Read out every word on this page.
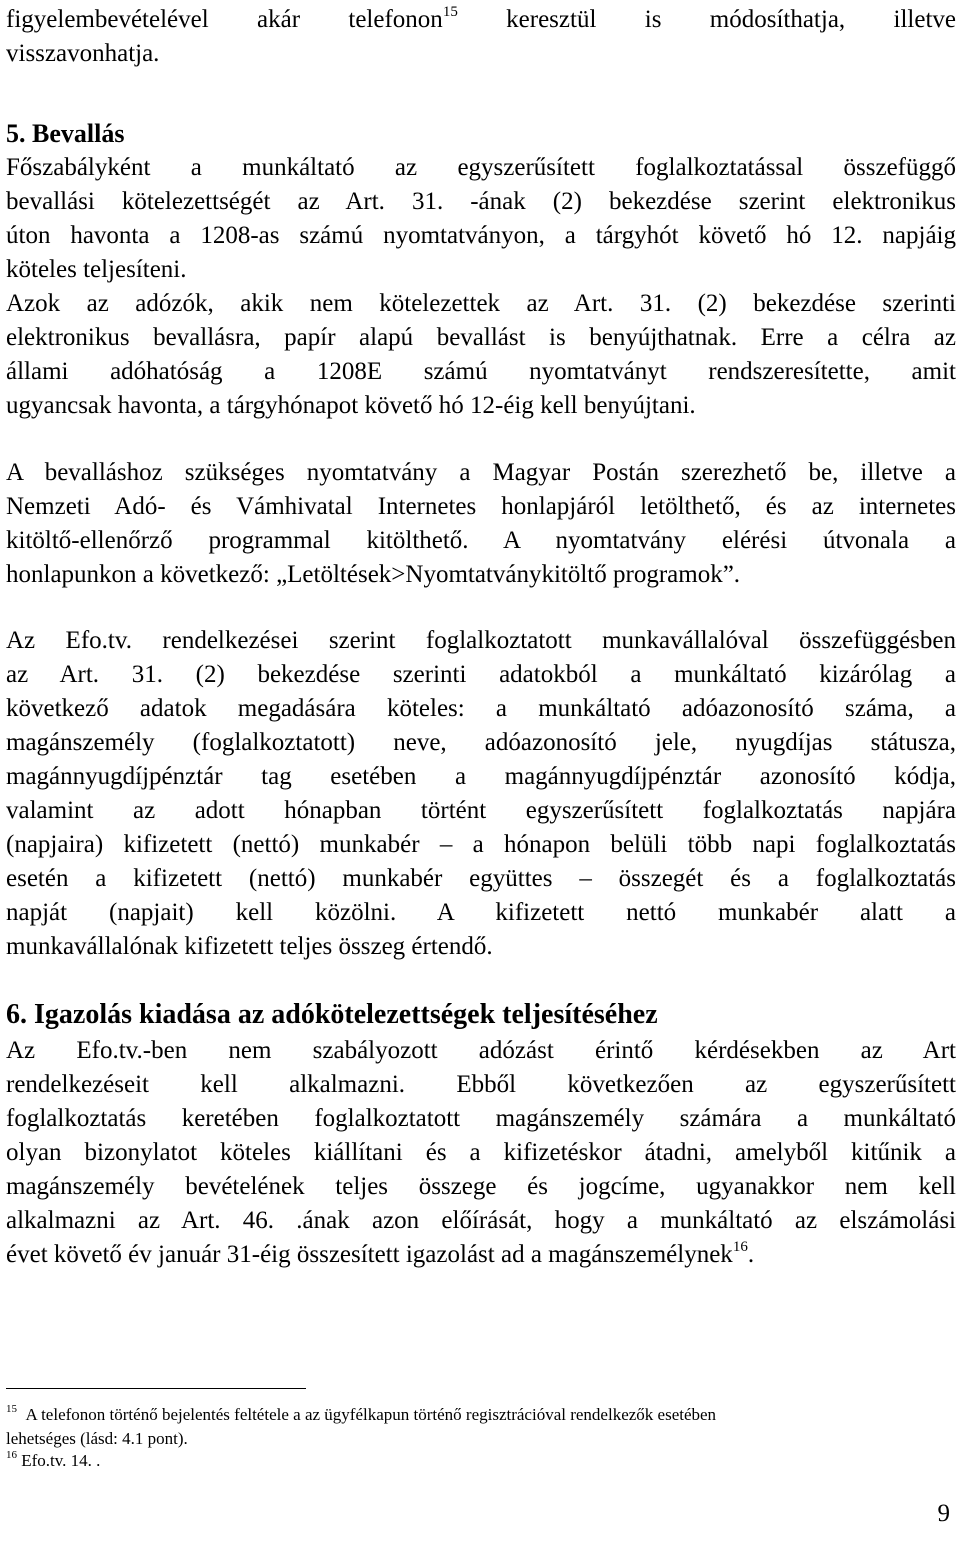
figyelembevételével akár telefonon$^{15}$ keresztül is módosíthatja, illetve
visszavonhatja.
5. Bevallás
Főszabályként a munkáltató az egyszerűsített foglalkoztatással összefüggő
bevallási kötelezettségét az Art. 31. -ának (2) bekezdése szerint elektronikus
úton havonta a 1208-as számú nyomtatványon, a tárgyhót követő hó 12. napjáig
köteles teljesíteni.
Azok az adózók, akik nem kötelezettek az Art. 31. (2) bekezdése szerinti
elektronikus bevallásra, papír alapú bevallást is benyújthatnak. Erre a célra az
állami adóhatóság a 1208E számú nyomtatványt rendszeresítette, amit
ugyancsak havonta, a tárgyhónapot követő hó 12-éig kell benyújtani.
A bevalláshoz szükséges nyomtatvány a Magyar Postán szerezhető be, illetve a
Nemzeti Adó- és Vámhivatal Internetes honlapjáról letölthető, és az internetes
kitöltő-ellenőrző programmal kitölthető. A nyomtatvány elérési útvonala a
honlapunkon a következő: „Letöltések>Nyomtatványkitöltő programok”.
Az Efo.tv. rendelkezései szerint foglalkoztatott munkavállalóval összefüggésben
az Art. 31. (2) bekezdése szerinti adatokból a munkáltató kizárólag a
következő adatok megadására köteles: a munkáltató adóazonosító száma, a
magánszemély (foglalkoztatott) neve, adóazonosító jele, nyugdíjas státusza,
magánnyugdíjpénztár tag esetében a magánnyugdíjpénztár azonosító kódja,
valamint az adott hónapban történt egyszerűsített foglalkoztatás napjára
(napjaira) kifizetett (nettó) munkabér – a hónapon belüli több napi foglalkoztatás
esetén a kifizetett (nettó) munkabér együttes – összegét és a foglalkoztatás
napját (napjait) kell közölni. A kifizetett nettó munkabér alatt a
munkavállalónak kifizetett teljes összeg értendő.
6. Igazolás kiadása az adókötelezettségek teljesítéséhez
Az Efo.tv.-ben nem szabályozott adózást érintő kérdésekben az Art
rendelkezéseit kell alkalmazni. Ebből következően az egyszerűsített
foglalkoztatás keretében foglalkoztatott magánszemély számára a munkáltató
olyan bizonylatot köteles kiállítani és a kifizetéskor átadni, amelyből kitűnik a
magánszemély bevételének teljes összege és jogcíme, ugyanakkor nem kell
alkalmazni az Art. 46. .ának azon előírását, hogy a munkáltató az elszámolási
évet követő év január 31-éig összesített igazolást ad a magánszemélynek$^{16}$.
$^{15}$ A telefonon történő bejelentés feltétele a az ügyfélkapun történő regisztrációval rendelkezők esetében
lehetséges (lásd: 4.1 pont).
$^{16}$ Efo.tv. 14. .
9
